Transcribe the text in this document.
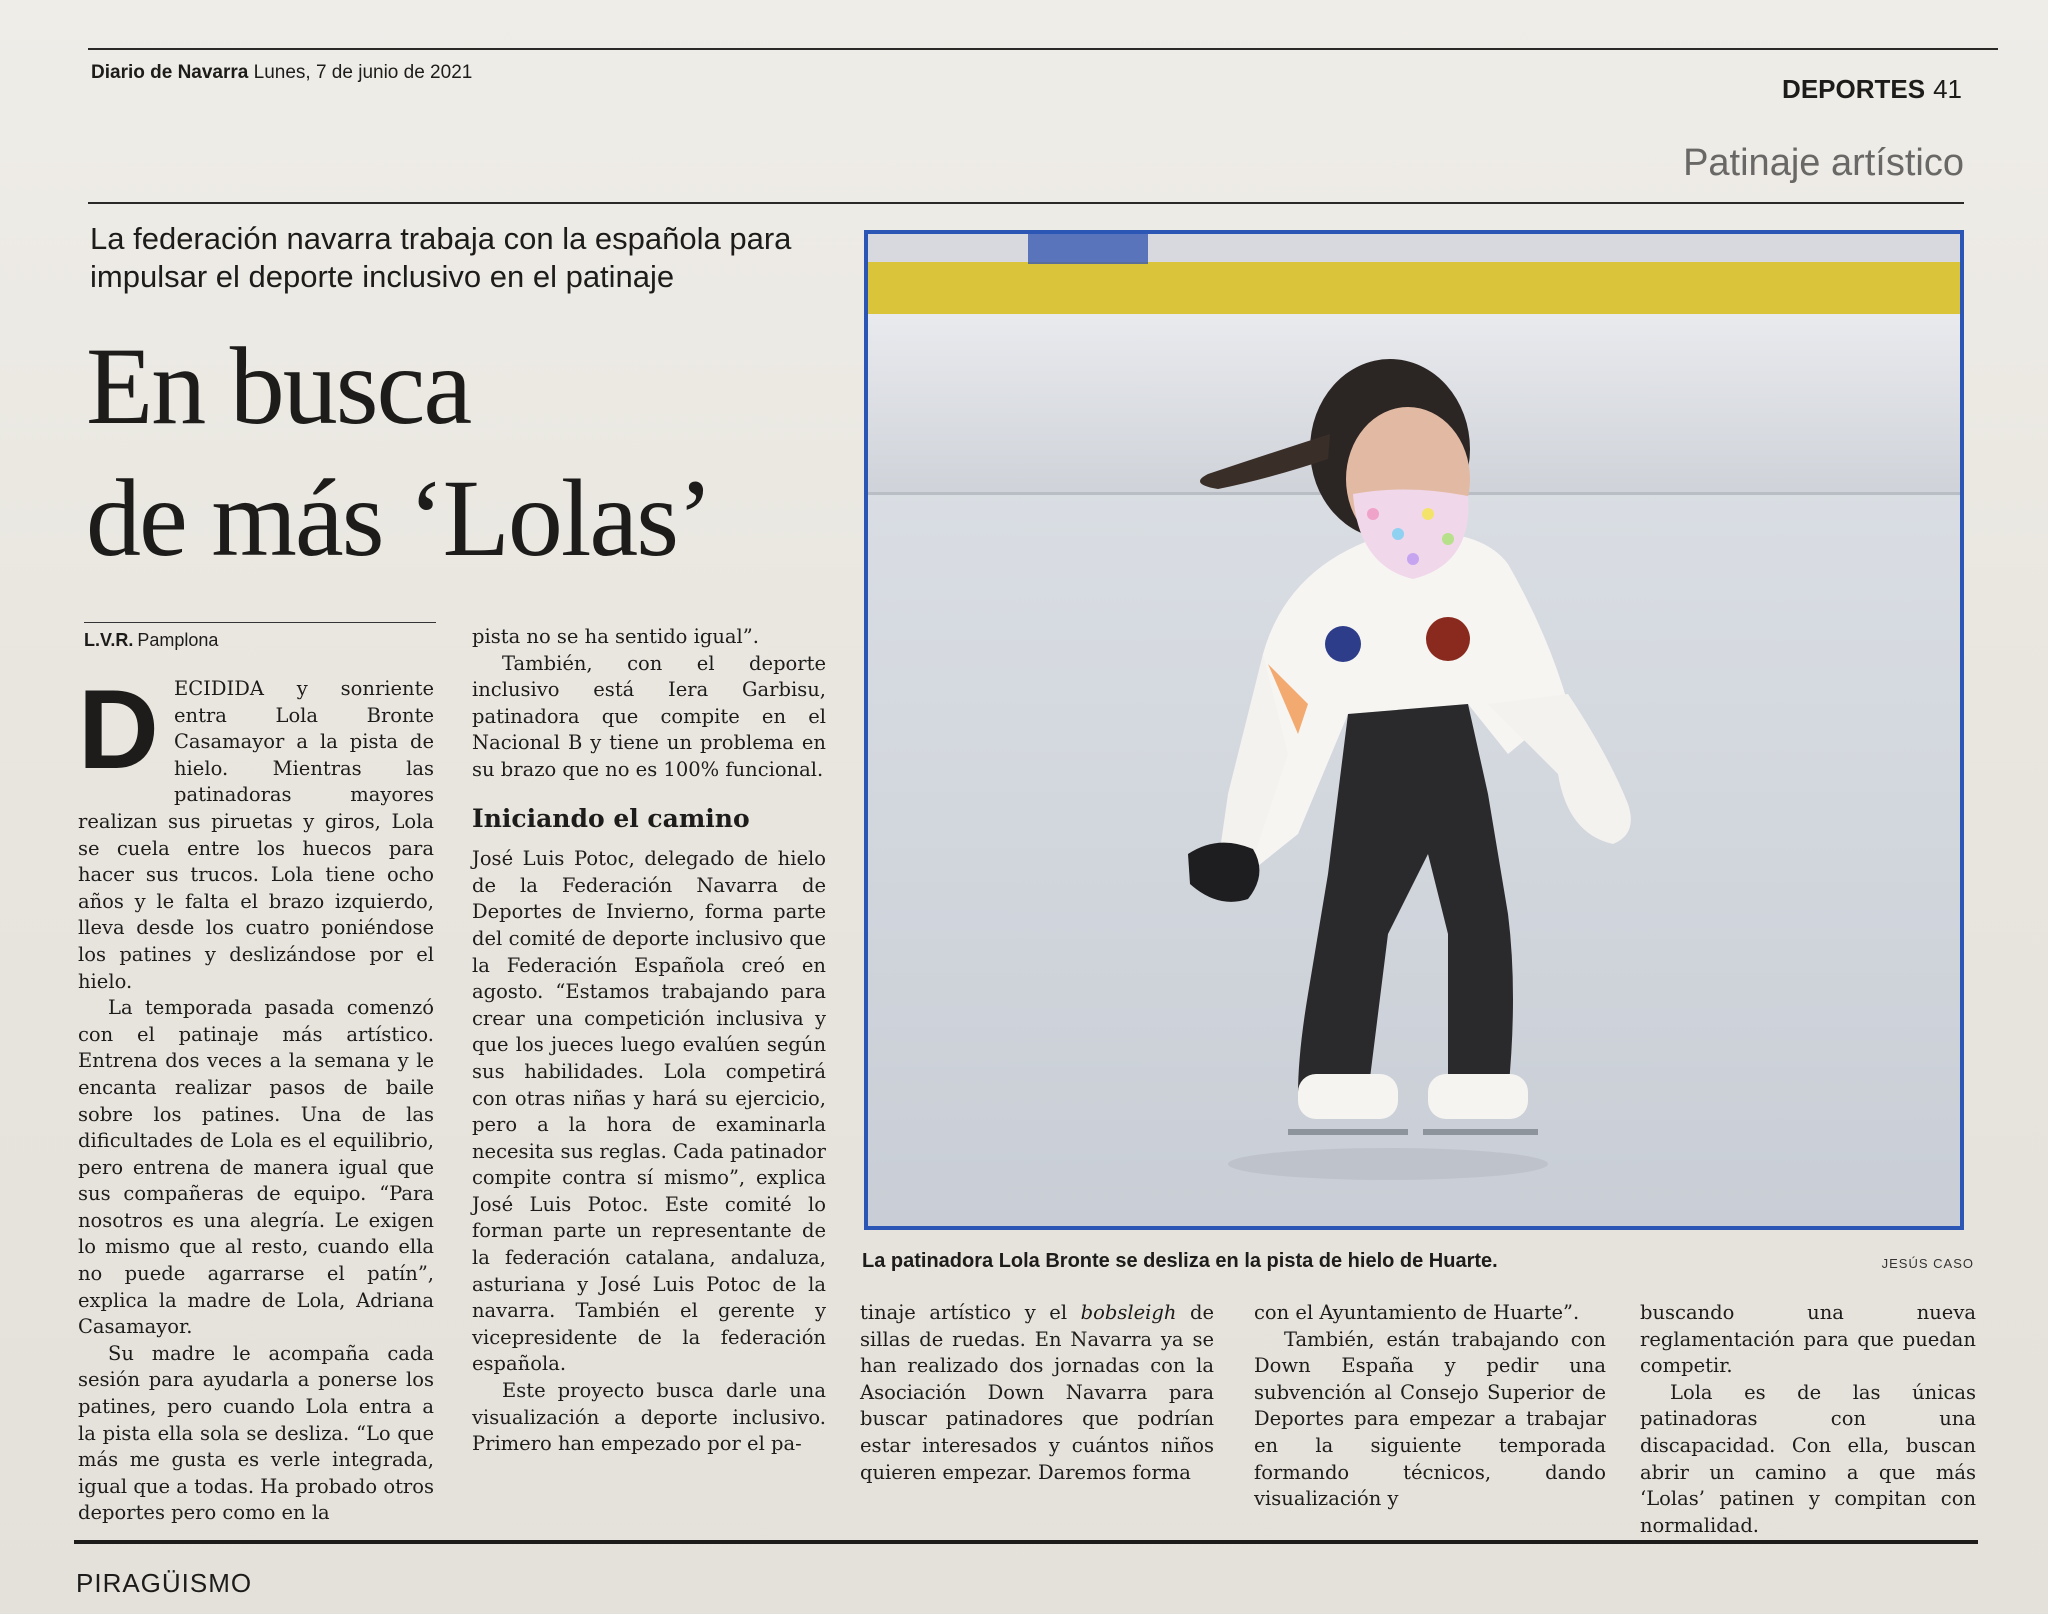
Diario de Navarra Lunes, 7 de junio de 2021
DEPORTES 41
Patinaje artístico
La federación navarra trabaja con la española para impulsar el deporte inclusivo en el patinaje
En busca
de más ‘Lolas’
L.V.R. Pamplona

D ECIDIDA y sonriente entra Lola Bronte Casamayor a la pista de hielo. Mientras las patinadoras mayores realizan sus piruetas y giros, Lola se cuela entre los huecos para hacer sus trucos. Lola tiene ocho años y le falta el brazo izquierdo, lleva desde los cuatro poniéndose los patines y deslizándose por el hielo.

La temporada pasada comenzó con el patinaje más artístico. Entrena dos veces a la semana y le encanta realizar pasos de baile sobre los patines. Una de las dificultades de Lola es el equilibrio, pero entrena de manera igual que sus compañeras de equipo. “Para nosotros es una alegría. Le exigen lo mismo que al resto, cuando ella no puede agarrarse el patín”, explica la madre de Lola, Adriana Casamayor.

Su madre le acompaña cada sesión para ayudarla a ponerse los patines, pero cuando Lola entra a la pista ella sola se desliza. “Lo que más me gusta es verle integrada, igual que a todas. Ha probado otros deportes pero como en la

pista no se ha sentido igual”.

También, con el deporte inclusivo está Iera Garbisu, patinadora que compite en el Nacional B y tiene un problema en su brazo que no es 100% funcional.

Iniciando el camino

José Luis Potoc, delegado de hielo de la Federación Navarra de Deportes de Invierno, forma parte del comité de deporte inclusivo que la Federación Española creó en agosto. “Estamos trabajando para crear una competición inclusiva y que los jueces luego evalúen según sus habilidades. Lola competirá con otras niñas y hará su ejercicio, pero a la hora de examinarla necesita sus reglas. Cada patinador compite contra sí mismo”, explica José Luis Potoc. Este comité lo forman parte un representante de la federación catalana, andaluza, asturiana y José Luis Potoc de la navarra. También el gerente y vicepresidente de la federación española.

Este proyecto busca darle una visualización a deporte inclusivo. Primero han empezado por el pa-

La patinadora Lola Bronte se desliza en la pista de hielo de Huarte.	JESÚS CASO

tinaje artístico y el bobsleigh de sillas de ruedas. En Navarra ya se han realizado dos jornadas con la Asociación Down Navarra para buscar patinadores que podrían estar interesados y cuántos niños quieren empezar. Daremos forma

con el Ayuntamiento de Huarte”.

También, están trabajando con Down España y pedir una subvención al Consejo Superior de Deportes para empezar a trabajar en la siguiente temporada formando técnicos, dando visualización y

buscando una nueva reglamentación para que puedan competir.

Lola es de las únicas patinadoras con una discapacidad. Con ella, buscan abrir un camino a que más ‘Lolas’ patinen y compitan con normalidad.

PIRAGÜISMO
